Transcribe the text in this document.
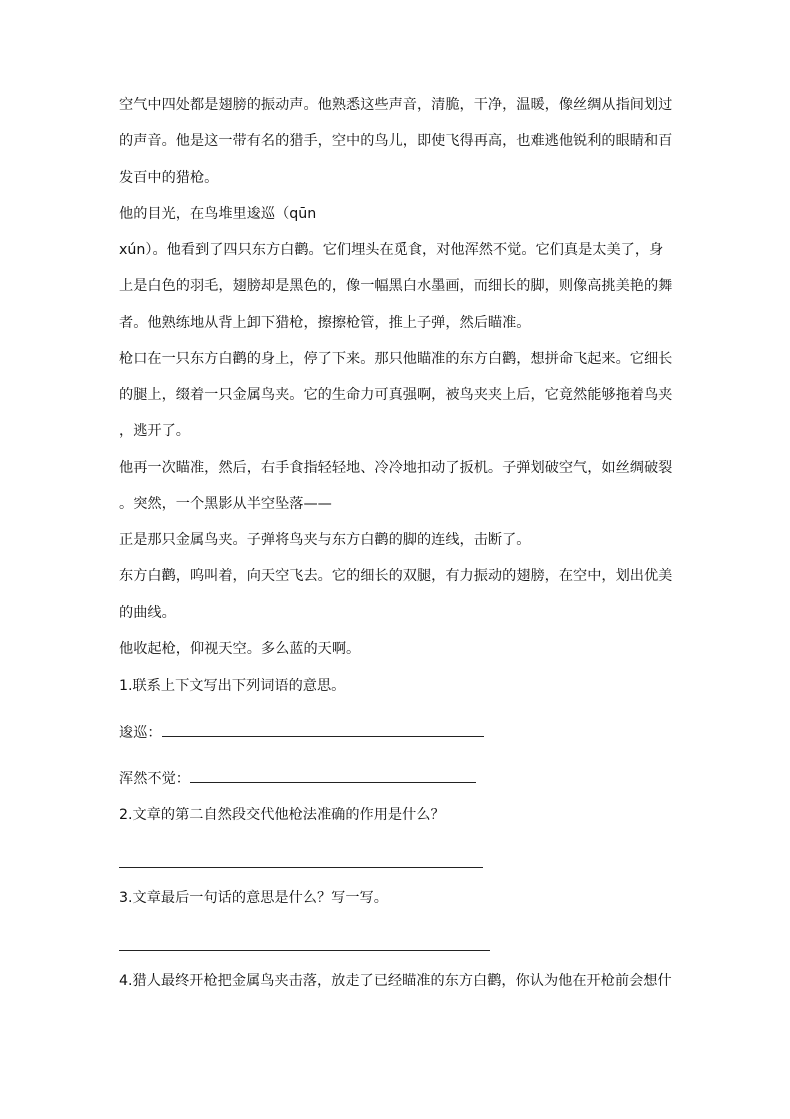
空气中四处都是翅膀的振动声。他熟悉这些声音，清脆，干净，温暖，像丝绸从指间划过
的声音。他是这一带有名的猎手，空中的鸟儿，即使飞得再高，也难逃他锐利的眼睛和百
发百中的猎枪。
他的目光，在鸟堆里逡巡（qūn
xún）。他看到了四只东方白鹳。它们埋头在觅食，对他浑然不觉。它们真是太美了，身
上是白色的羽毛，翅膀却是黑色的，像一幅黑白水墨画，而细长的脚，则像高挑美艳的舞
者。他熟练地从背上卸下猎枪，擦擦枪管，推上子弹，然后瞄准。
枪口在一只东方白鹳的身上，停了下来。那只他瞄准的东方白鹳，想拼命飞起来。它细长
的腿上，缀着一只金属鸟夹。它的生命力可真强啊，被鸟夹夹上后，它竟然能够拖着鸟夹
，逃开了。
他再一次瞄准，然后，右手食指轻轻地、冷冷地扣动了扳机。子弹划破空气，如丝绸破裂
。突然，一个黑影从半空坠落——
正是那只金属鸟夹。子弹将鸟夹与东方白鹳的脚的连线，击断了。
东方白鹳，呜叫着，向天空飞去。它的细长的双腿，有力振动的翅膀，在空中，划出优美
的曲线。
他收起枪，仰视天空。多么蓝的天啊。
1.联系上下文写出下列词语的意思。
逡巡：
浑然不觉：
2.文章的第二自然段交代他枪法准确的作用是什么？
3.文章最后一句话的意思是什么？写一写。
4.猎人最终开枪把金属鸟夹击落，放走了已经瞄准的东方白鹳，你认为他在开枪前会想什
